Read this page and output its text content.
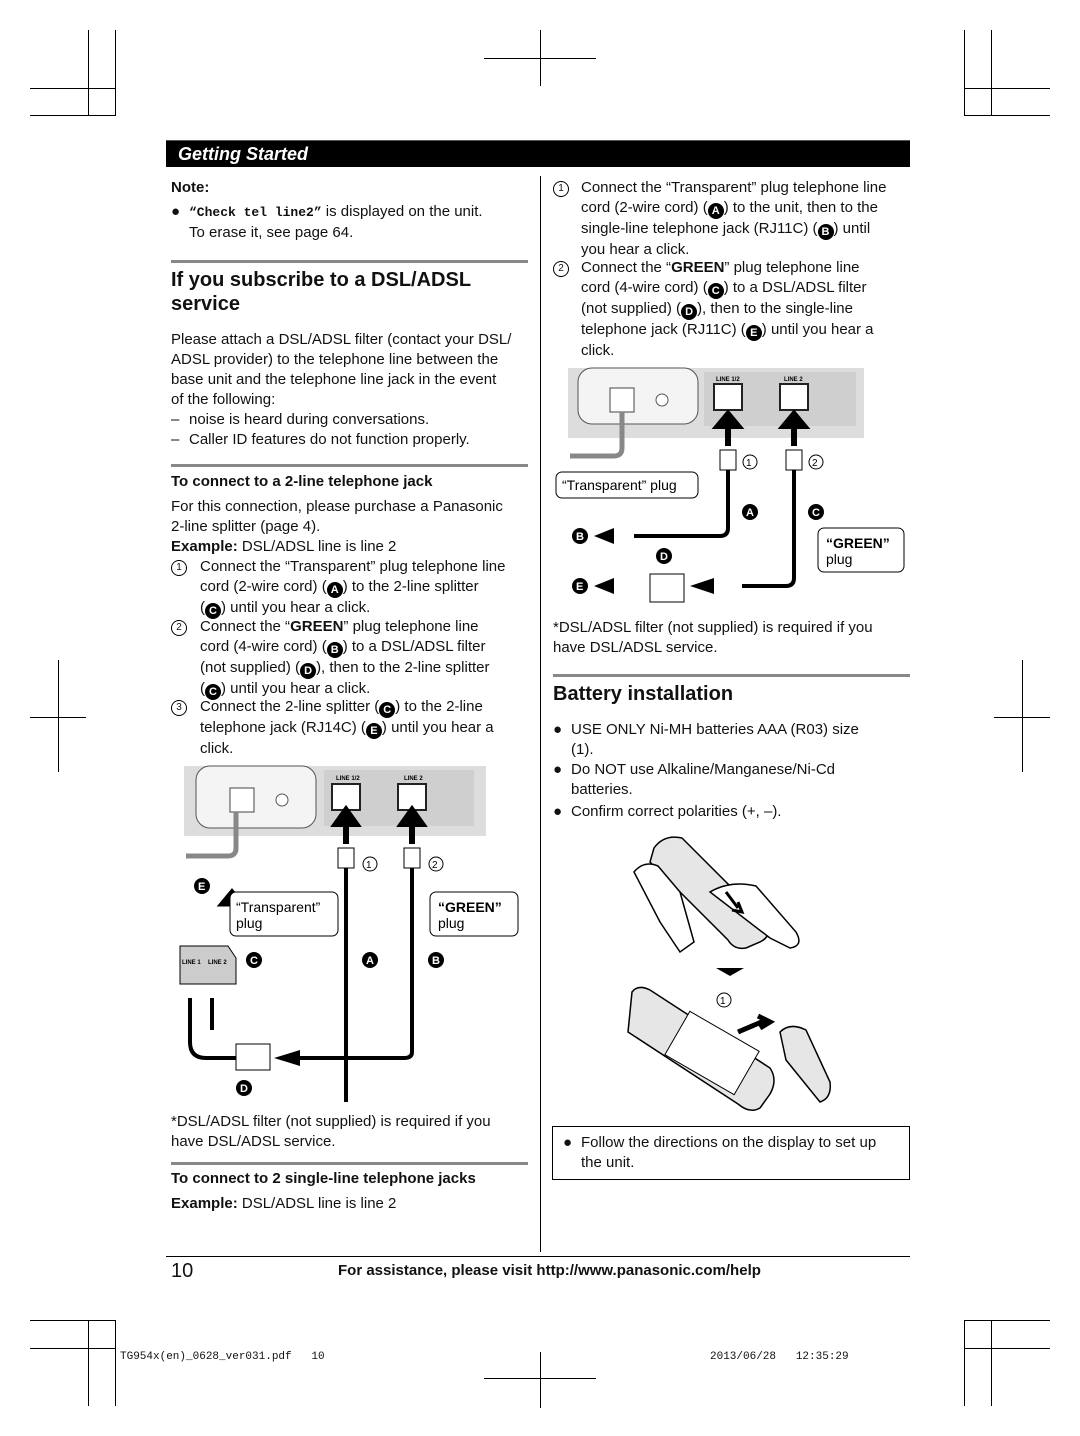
Getting Started
Note:
● “Check tel line2” is displayed on the unit.
To erase it, see page 64.
If you subscribe to a DSL/ADSL
service
Please attach a DSL/ADSL filter (contact your DSL/
ADSL provider) to the telephone line between the
base unit and the telephone line jack in the event
of the following:
– noise is heard during conversations.
– Caller ID features do not function properly.
To connect to a 2-line telephone jack
For this connection, please purchase a Panasonic
2-line splitter (page 4).
Example: DSL/ADSL line is line 2
1	Connect the “Transparent” plug telephone line
cord (2-wire cord) ( A ) to the 2-line splitter
( C ) until you hear a click.
2	Connect the “GREEN” plug telephone line
cord (4-wire cord) ( B ) to a DSL/ADSL filter
(not supplied) ( D ), then to the 2-line splitter
( C ) until you hear a click.
3	Connect the 2-line splitter ( C ) to the 2-line
telephone jack (RJ14C) ( E ) until you hear a
click.
LINE 1/2	LINE 2
1	2
“Transparent”
plug
“GREEN”
plug
E
LINE 1 LINE 2 C	A	B
D
*DSL/ADSL filter (not supplied) is required if you
have DSL/ADSL service.
To connect to 2 single-line telephone jacks
Example: DSL/ADSL line is line 2
1	Connect the “Transparent” plug telephone line
cord (2-wire cord) ( A ) to the unit, then to the
single-line telephone jack (RJ11C) ( B ) until
you hear a click.
2	Connect the “GREEN” plug telephone line
cord (4-wire cord) ( C ) to a DSL/ADSL filter
(not supplied) ( D ), then to the single-line
telephone jack (RJ11C) ( E ) until you hear a
click.
LINE 1/2	LINE 2
1	2
“Transparent” plug
A	C
“GREEN”
plug
B
D
E
*DSL/ADSL filter (not supplied) is required if you
have DSL/ADSL service.
Battery installation
● USE ONLY Ni-MH batteries AAA (R03) size
(1).
● Do NOT use Alkaline/Manganese/Ni-Cd
batteries.
● Confirm correct polarities (+, –).
1
● Follow the directions on the display to set up
the unit.
10	For assistance, please visit http://www.panasonic.com/help
TG954x(en)_0628_ver031.pdf   10	2013/06/28   12:35:29
